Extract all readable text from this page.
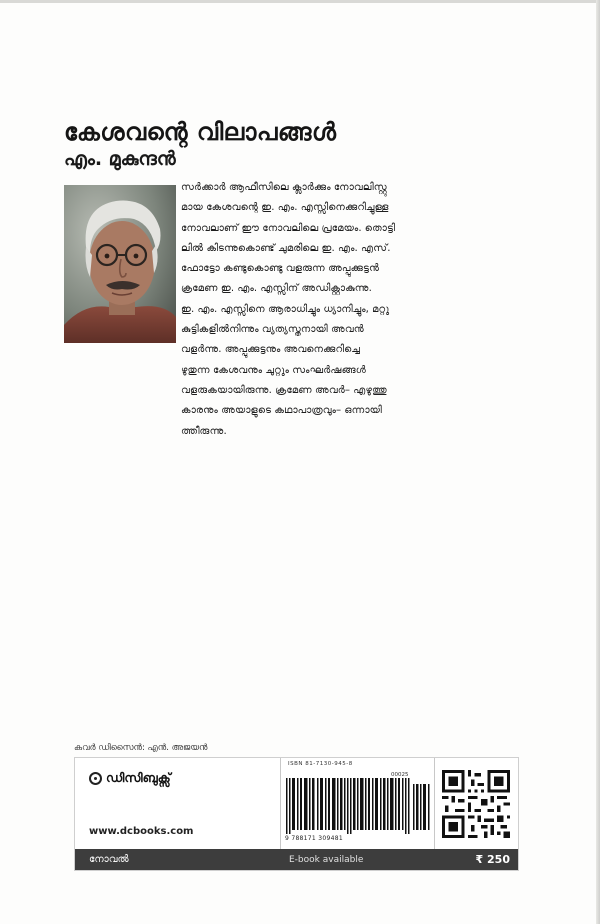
കേശവന്റെ വിലാപങ്ങൾ
എം. മുകുന്ദൻ
സർക്കാർ ആഫീസിലെ ക്ലാർക്കും നോവലിസ്റ്റു
മായ കേശവന്റെ ഇ. എം. എസ്സിനെക്കുറിച്ചുള്ള
നോവലാണ് ഈ നോവലിലെ പ്രമേയം. തൊട്ടി
ലിൽ കിടന്നുകൊണ്ട് ചുമരിലെ ഇ. എം. എസ്.
ഫോട്ടോ കണ്ടുകൊണ്ടു വളരുന്ന അപ്പുക്കുട്ടൻ
ക്രമേണ ഇ. എം. എസ്സിന് അഡിക്റ്റാകുന്നു.
ഇ. എം. എസ്സിനെ ആരാധിച്ചും ധ്യാനിച്ചും, മറ്റു
കുട്ടികളിൽനിന്നും വ്യത്യസ്തനായി അവൻ
വളർന്നു. അപ്പുക്കുട്ടനും അവനെക്കുറിച്ചെ
ഴുതുന്ന കേശവനും ചുറ്റും സംഘർഷങ്ങൾ
വളരുകയായിരുന്നു. ക്രമേണ അവർ– എഴുത്തു
കാരനും അയാളുടെ കഥാപാത്രവും– ഒന്നായി
ത്തീരുന്നു.
കവർ ഡിസൈൻ: എൻ. അജയൻ
ഡിസിബുക്സ്
www.dcbooks.com
ISBN 81-7130-945-8
00025
9 788171 309481
നോവൽ	E-book available	₹ 250
